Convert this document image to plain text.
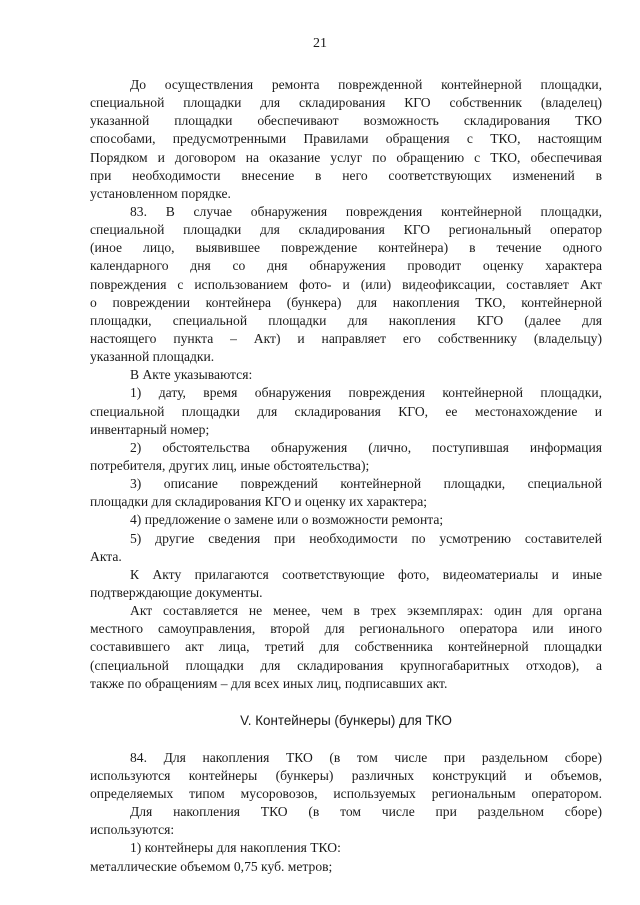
21
До осуществления ремонта поврежденной контейнерной площадки,
специальной площадки для складирования КГО собственник (владелец)
указанной площадки обеспечивают возможность складирования ТКО
способами, предусмотренными Правилами обращения с ТКО, настоящим
Порядком и договором на оказание услуг по обращению с ТКО, обеспечивая
при необходимости внесение в него соответствующих изменений в
установленном порядке.
83. В случае обнаружения повреждения контейнерной площадки,
специальной площадки для складирования КГО региональный оператор
(иное лицо, выявившее повреждение контейнера) в течение одного
календарного дня со дня обнаружения проводит оценку характера
повреждения с использованием фото- и (или) видеофиксации, составляет Акт
о повреждении контейнера (бункера) для накопления ТКО, контейнерной
площадки, специальной площадки для накопления КГО (далее для
настоящего пункта – Акт) и направляет его собственнику (владельцу)
указанной площадки.
В Акте указываются:
1) дату, время обнаружения повреждения контейнерной площадки,
специальной площадки для складирования КГО, ее местонахождение и
инвентарный номер;
2) обстоятельства обнаружения (лично, поступившая информация
потребителя, других лиц, иные обстоятельства);
3) описание повреждений контейнерной площадки, специальной
площадки для складирования КГО и оценку их характера;
4) предложение о замене или о возможности ремонта;
5) другие сведения при необходимости по усмотрению составителей
Акта.
К Акту прилагаются соответствующие фото, видеоматериалы и иные
подтверждающие документы.
Акт составляется не менее, чем в трех экземплярах: один для органа
местного самоуправления, второй для регионального оператора или иного
составившего акт лица, третий для собственника контейнерной площадки
(специальной площадки для складирования крупногабаритных отходов), а
также по обращениям – для всех иных лиц, подписавших акт.
V. Контейнеры (бункеры) для ТКО
84. Для накопления ТКО (в том числе при раздельном сборе)
используются контейнеры (бункеры) различных конструкций и объемов,
определяемых типом мусоровозов, используемых региональным оператором.
Для накопления ТКО (в том числе при раздельном сборе)
используются:
1) контейнеры для накопления ТКО:
металлические объемом 0,75 куб. метров;
